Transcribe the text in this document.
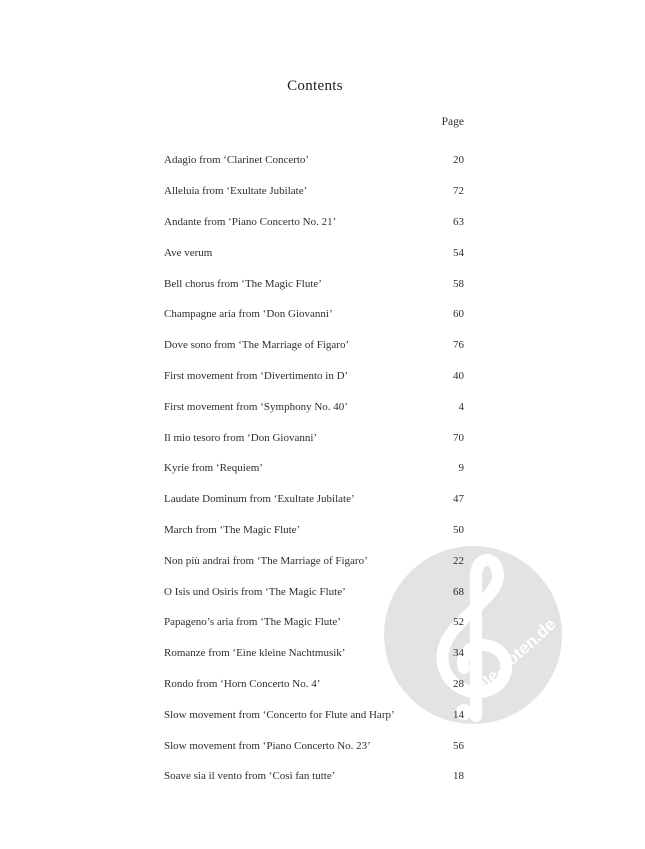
Contents
Page
Adagio from ‘Clarinet Concerto’	20
Alleluia from ‘Exultate Jubilate’	72
Andante from ‘Piano Concerto No. 21’	63
Ave verum	54
Bell chorus from ‘The Magic Flute’	58
Champagne aria from ‘Don Giovanni’	60
Dove sono from ‘The Marriage of Figaro’	76
First movement from ‘Divertimento in D’	40
First movement from ‘Symphony No. 40’	4
Il mio tesoro from ‘Don Giovanni’	70
Kyrie from ‘Requiem’	9
Laudate Dominum from ‘Exultate Jubilate’	47
March from ‘The Magic Flute’	50
Non più andrai from ‘The Marriage of Figaro’	22
O Isis und Osiris from ‘The Magic Flute’	68
Papageno’s aria from ‘The Magic Flute’	52
Romanze from ‘Eine kleine Nachtmusik’	34
Rondo from ‘Horn Concerto No. 4’	28
Slow movement from ‘Concerto for Flute and Harp’	14
Slow movement from ‘Piano Concerto No. 23’	56
Soave sia il vento from ‘Così fan tutte’	18
alle-noten.de
